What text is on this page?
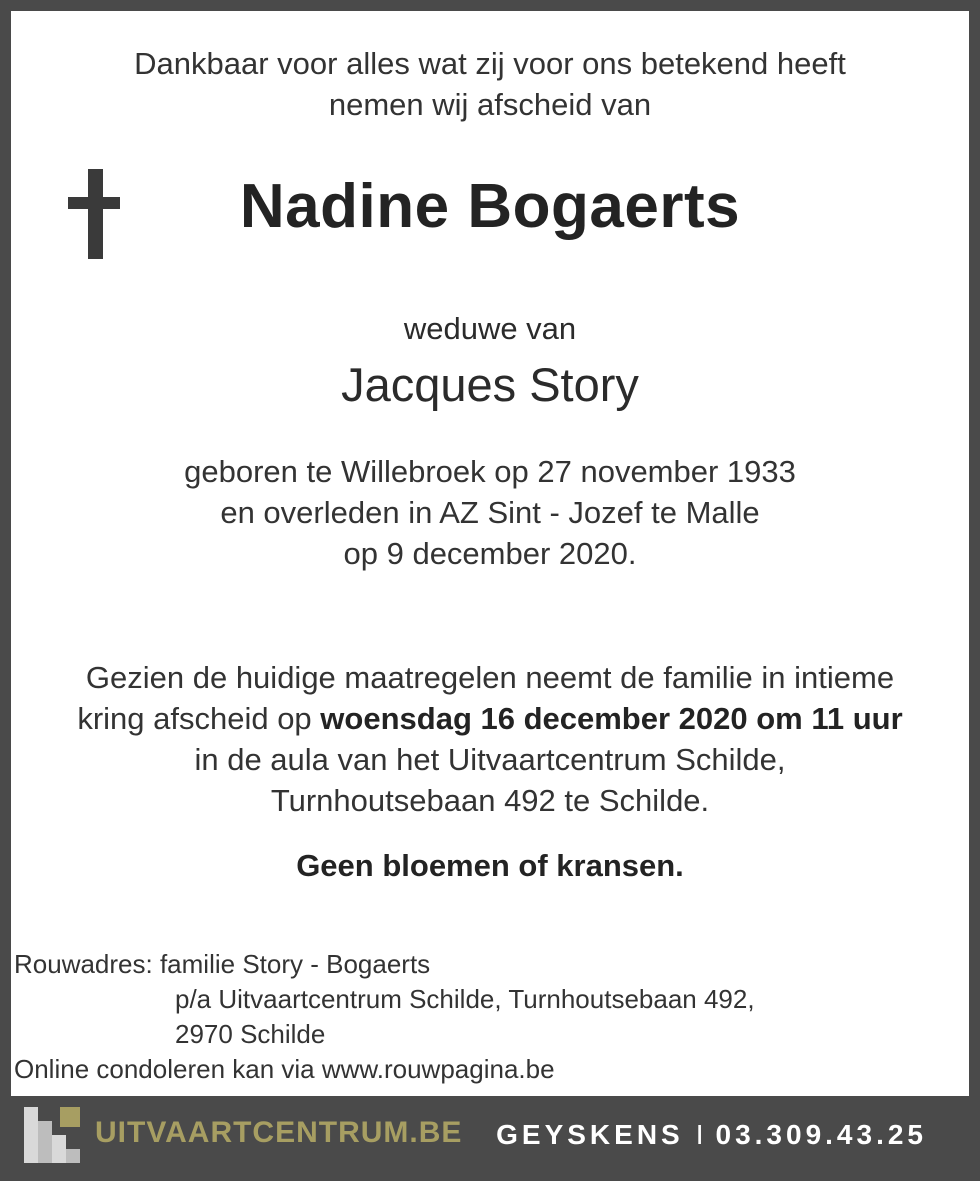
Dankbaar voor alles wat zij voor ons betekend heeft
nemen wij afscheid van
Nadine Bogaerts
weduwe van
Jacques Story
geboren te Willebroek op 27 november 1933
en overleden in AZ Sint - Jozef te Malle
op 9 december 2020.
Gezien de huidige maatregelen neemt de familie in intieme
kring afscheid op woensdag 16 december 2020 om 11 uur
in de aula van het Uitvaartcentrum Schilde,
Turnhoutsebaan 492 te Schilde.
Geen bloemen of kransen.
Rouwadres: familie Story - Bogaerts
p/a Uitvaartcentrum Schilde, Turnhoutsebaan 492,
2970 Schilde
Online condoleren kan via www.rouwpagina.be
UITVAARTCENTRUM.BE GEYSKENS I 03.309.43.25
